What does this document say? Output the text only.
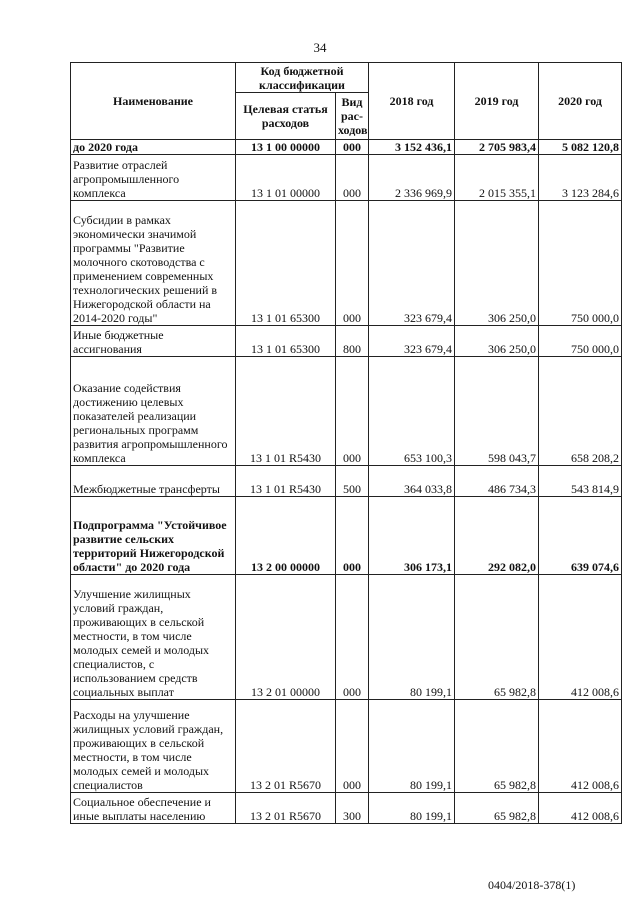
34
Наименование	Код бюджетной классификации		2018 год	2019 год	2020 год
	Целевая статья расходов	Вид рас-ходов			
до 2020 года	13 1 00 00000	000	3 152 436,1	2 705 983,4	5 082 120,8
Развитие отраслей агропромышленного комплекса	13 1 01 00000	000	2 336 969,9	2 015 355,1	3 123 284,6
Субсидии в рамках экономически значимой программы "Развитие молочного скотоводства с применением современных технологических решений в Нижегородской области на 2014-2020 годы"	13 1 01 65300	000	323 679,4	306 250,0	750 000,0
Иные бюджетные ассигнования	13 1 01 65300	800	323 679,4	306 250,0	750 000,0
Оказание содействия достижению целевых показателей реализации региональных программ развития агропромышленного комплекса	13 1 01 R5430	000	653 100,3	598 043,7	658 208,2
Межбюджетные трансферты	13 1 01 R5430	500	364 033,8	486 734,3	543 814,9
Подпрограмма "Устойчивое развитие сельских территорий Нижегородской области" до 2020 года	13 2 00 00000	000	306 173,1	292 082,0	639 074,6
Улучшение жилищных условий граждан, проживающих в сельской местности, в том числе молодых семей и молодых специалистов, с использованием средств социальных выплат	13 2 01 00000	000	80 199,1	65 982,8	412 008,6
Расходы на улучшение жилищных условий граждан, проживающих в сельской местности, в том числе молодых семей и молодых специалистов	13 2 01 R5670	000	80 199,1	65 982,8	412 008,6
Социальное обеспечение и иные выплаты населению	13 2 01 R5670	300	80 199,1	65 982,8	412 008,6
0404/2018-378(1)
